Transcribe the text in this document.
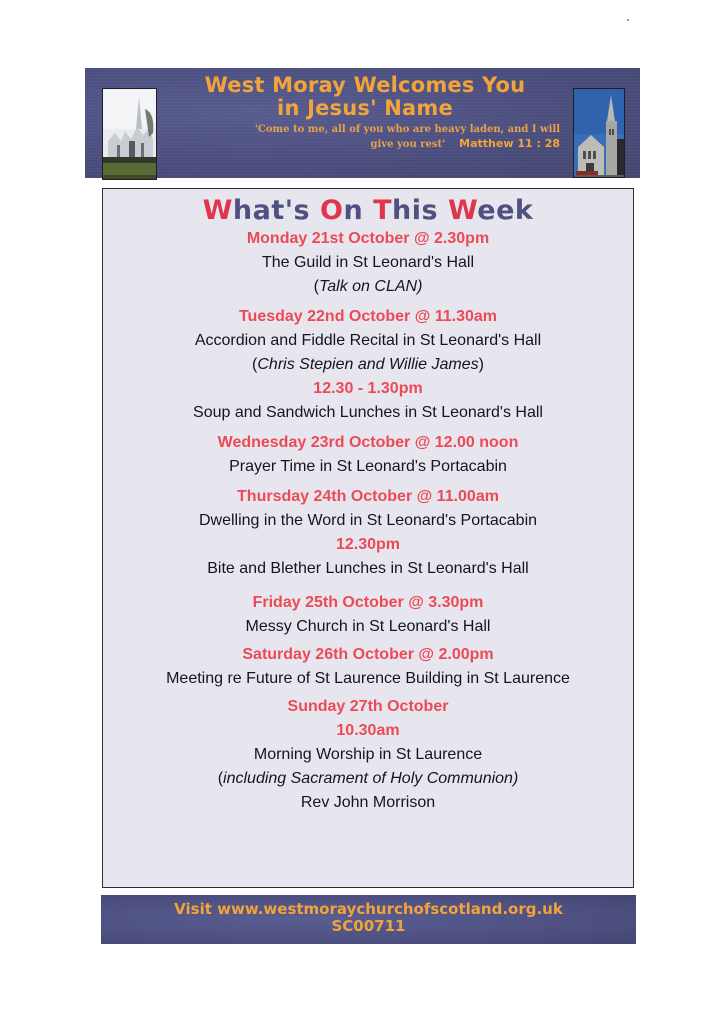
West Moray Welcomes You
in Jesus' Name
'Come to me, all of you who are heavy laden, and I will
give you rest' Matthew 11 : 28
What's On This Week
Monday 21st October @ 2.30pm
The Guild in St Leonard's Hall
(Talk on CLAN)
Tuesday 22nd October @ 11.30am
Accordion and Fiddle Recital in St Leonard's Hall
(Chris Stepien and Willie James)
12.30 - 1.30pm
Soup and Sandwich Lunches in St Leonard's Hall
Wednesday 23rd October @ 12.00 noon
Prayer Time in St Leonard's Portacabin
Thursday 24th October @ 11.00am
Dwelling in the Word in St Leonard's Portacabin
12.30pm
Bite and Blether Lunches in St Leonard's Hall
Friday 25th October @ 3.30pm
Messy Church in St Leonard's Hall
Saturday 26th October @ 2.00pm
Meeting re Future of St Laurence Building in St Laurence
Sunday 27th October
10.30am
Morning Worship in St Laurence
(including Sacrament of Holy Communion)
Rev John Morrison
Visit www.westmoraychurchofscotland.org.uk
SC00711
